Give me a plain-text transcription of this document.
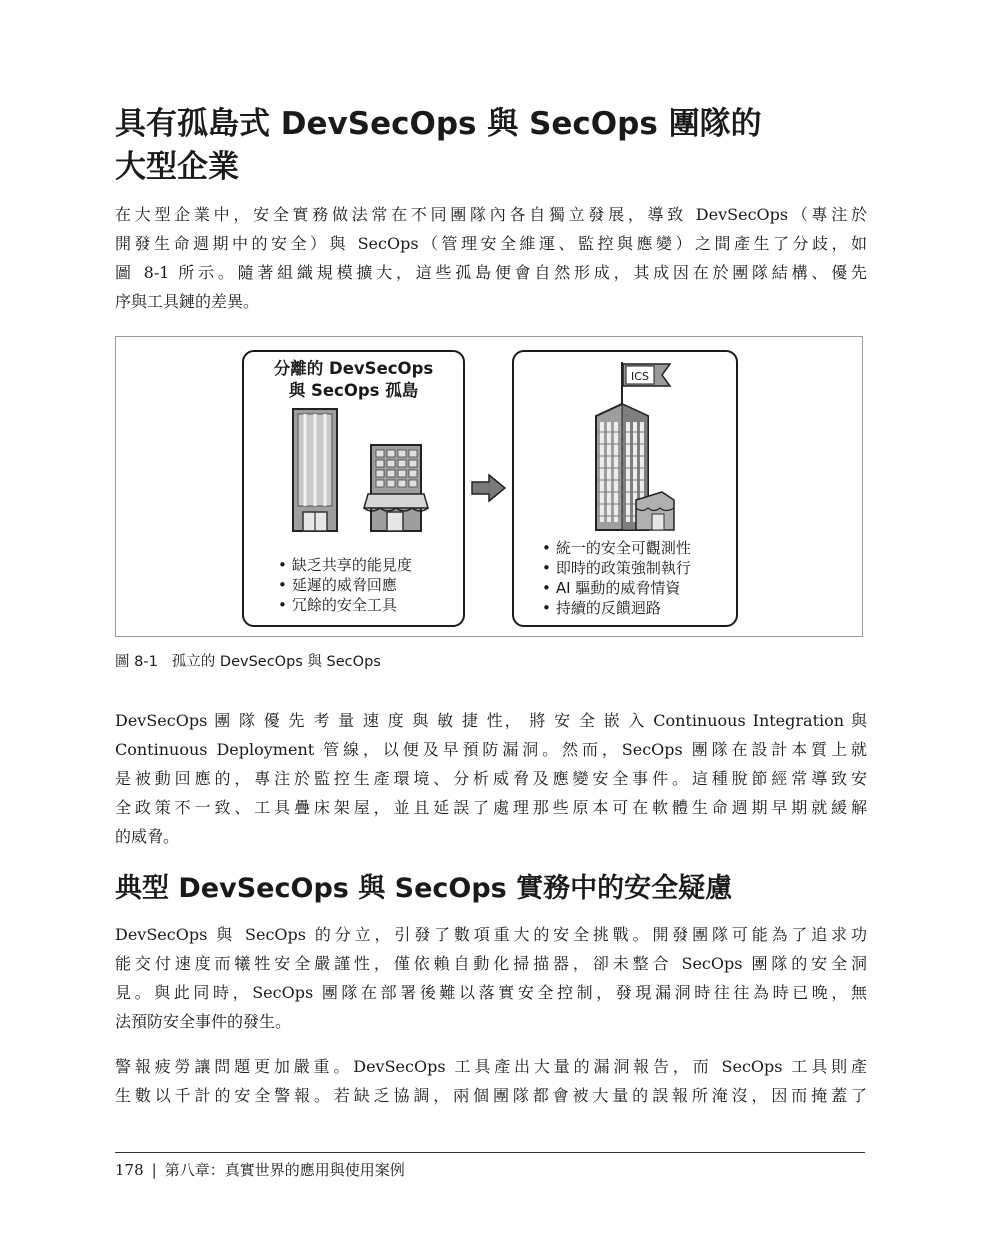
具有孤島式 DevSecOps 與 SecOps 團隊的
大型企業

在大型企業中，安全實務做法常在不同團隊內各自獨立發展，導致 DevSecOps（專注於
開發生命週期中的安全）與 SecOps（管理安全維運、監控與應變）之間產生了分歧，如
圖 8-1 所示。隨著組織規模擴大，這些孤島便會自然形成，其成因在於團隊結構、優先
序與工具鏈的差異。

分離的 DevSecOps
與 SecOps 孤島
• 缺乏共享的能見度
• 延遲的威脅回應
• 冗餘的安全工具
ICS
• 統一的安全可觀測性
• 即時的政策強制執行
• AI 驅動的威脅情資
• 持續的反饋迴路
圖 8-1 孤立的 DevSecOps 與 SecOps

DevSecOps 團 隊 優 先 考 量 速 度 與 敏 捷 性， 將 安 全 嵌 入 Continuous Integration 與
Continuous Deployment 管線，以便及早預防漏洞。然而，SecOps 團隊在設計本質上就
是被動回應的，專注於監控生產環境、分析威脅及應變安全事件。這種脫節經常導致安
全政策不一致、工具疊床架屋，並且延誤了處理那些原本可在軟體生命週期早期就緩解
的威脅。

典型 DevSecOps 與 SecOps 實務中的安全疑慮

DevSecOps 與 SecOps 的分立，引發了數項重大的安全挑戰。開發團隊可能為了追求功
能交付速度而犧牲安全嚴謹性，僅依賴自動化掃描器，卻未整合 SecOps 團隊的安全洞
見。與此同時，SecOps 團隊在部署後難以落實安全控制，發現漏洞時往往為時已晚，無
法預防安全事件的發生。

警報疲勞讓問題更加嚴重。DevSecOps 工具產出大量的漏洞報告，而 SecOps 工具則產
生數以千計的安全警報。若缺乏協調，兩個團隊都會被大量的誤報所淹沒，因而掩蓋了

178 | 第八章：真實世界的應用與使用案例
